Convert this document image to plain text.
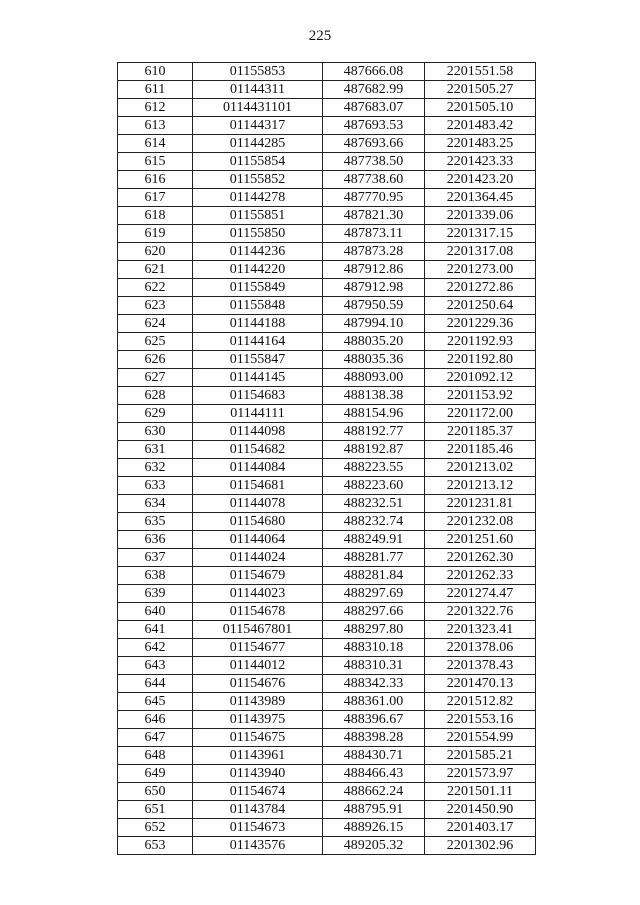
225
610	01155853	487666.08	2201551.58
611	01144311	487682.99	2201505.27
612	0114431101	487683.07	2201505.10
613	01144317	487693.53	2201483.42
614	01144285	487693.66	2201483.25
615	01155854	487738.50	2201423.33
616	01155852	487738.60	2201423.20
617	01144278	487770.95	2201364.45
618	01155851	487821.30	2201339.06
619	01155850	487873.11	2201317.15
620	01144236	487873.28	2201317.08
621	01144220	487912.86	2201273.00
622	01155849	487912.98	2201272.86
623	01155848	487950.59	2201250.64
624	01144188	487994.10	2201229.36
625	01144164	488035.20	2201192.93
626	01155847	488035.36	2201192.80
627	01144145	488093.00	2201092.12
628	01154683	488138.38	2201153.92
629	01144111	488154.96	2201172.00
630	01144098	488192.77	2201185.37
631	01154682	488192.87	2201185.46
632	01144084	488223.55	2201213.02
633	01154681	488223.60	2201213.12
634	01144078	488232.51	2201231.81
635	01154680	488232.74	2201232.08
636	01144064	488249.91	2201251.60
637	01144024	488281.77	2201262.30
638	01154679	488281.84	2201262.33
639	01144023	488297.69	2201274.47
640	01154678	488297.66	2201322.76
641	0115467801	488297.80	2201323.41
642	01154677	488310.18	2201378.06
643	01144012	488310.31	2201378.43
644	01154676	488342.33	2201470.13
645	01143989	488361.00	2201512.82
646	01143975	488396.67	2201553.16
647	01154675	488398.28	2201554.99
648	01143961	488430.71	2201585.21
649	01143940	488466.43	2201573.97
650	01154674	488662.24	2201501.11
651	01143784	488795.91	2201450.90
652	01154673	488926.15	2201403.17
653	01143576	489205.32	2201302.96
